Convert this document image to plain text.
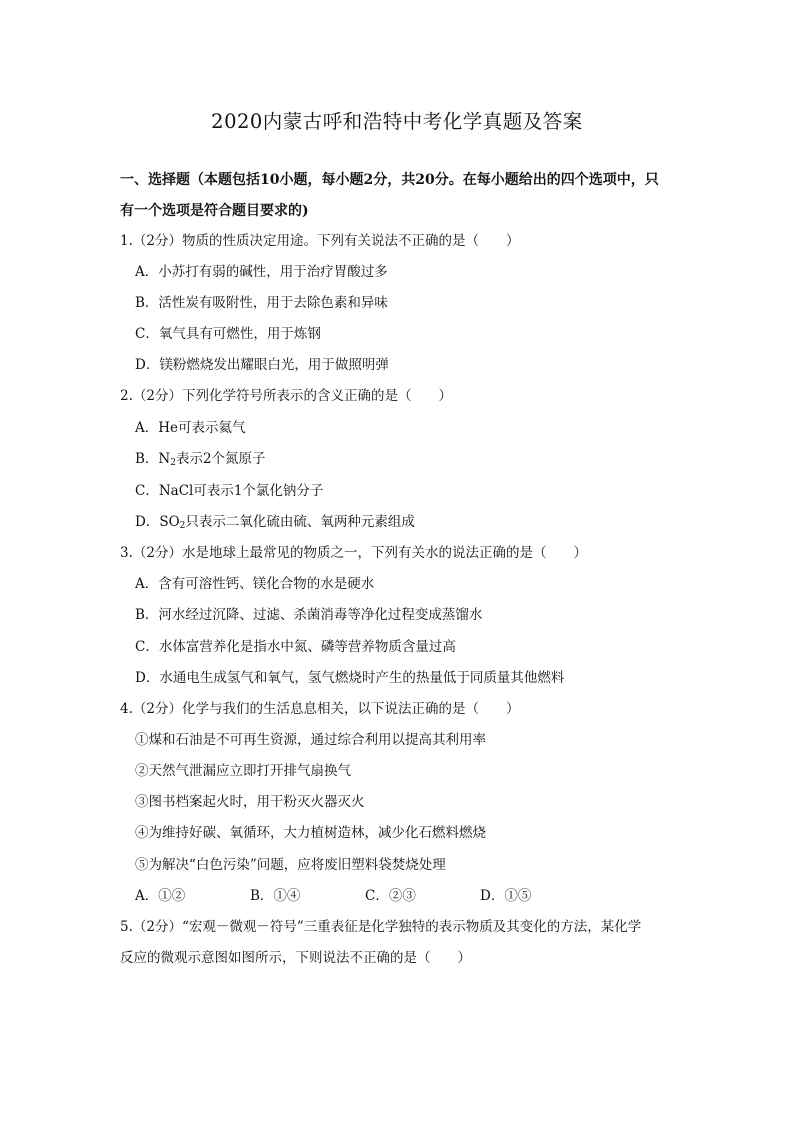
2020内蒙古呼和浩特中考化学真题及答案
一、选择题（本题包括10小题，每小题2分，共20分。在每小题给出的四个选项中，只
有一个选项是符合题目要求的)
1.（2分）物质的性质决定用途。下列有关说法不正确的是（　　）
A．小苏打有弱的碱性，用于治疗胃酸过多
B．活性炭有吸附性，用于去除色素和异味
C．氧气具有可燃性，用于炼钢
D．镁粉燃烧发出耀眼白光，用于做照明弹
2.（2分）下列化学符号所表示的含义正确的是（　　）
A．He可表示氦气
B．$N_2$表示2个氮原子
C．NaCl可表示1个氯化钠分子
D．$SO_2$只表示二氧化硫由硫、氧两种元素组成
3.（2分）水是地球上最常见的物质之一，下列有关水的说法正确的是（　　）
A．含有可溶性钙、镁化合物的水是硬水
B．河水经过沉降、过滤、杀菌消毒等净化过程变成蒸馏水
C．水体富营养化是指水中氮、磷等营养物质含量过高
D．水通电生成氢气和氧气，氢气燃烧时产生的热量低于同质量其他燃料
4.（2分）化学与我们的生活息息相关，以下说法正确的是（　　）
①煤和石油是不可再生资源，通过综合利用以提高其利用率
②天然气泄漏应立即打开排气扇换气
③图书档案起火时，用干粉灭火器灭火
④为维持好碳、氧循环，大力植树造林，减少化石燃料燃烧
⑤为解决“白色污染”问题，应将废旧塑料袋焚烧处理
A．①②	B．①④	C．②③	D．①⑤
5.（2分）“宏观－微观－符号”三重表征是化学独特的表示物质及其变化的方法，某化学
反应的微观示意图如图所示，下则说法不正确的是（　　）
